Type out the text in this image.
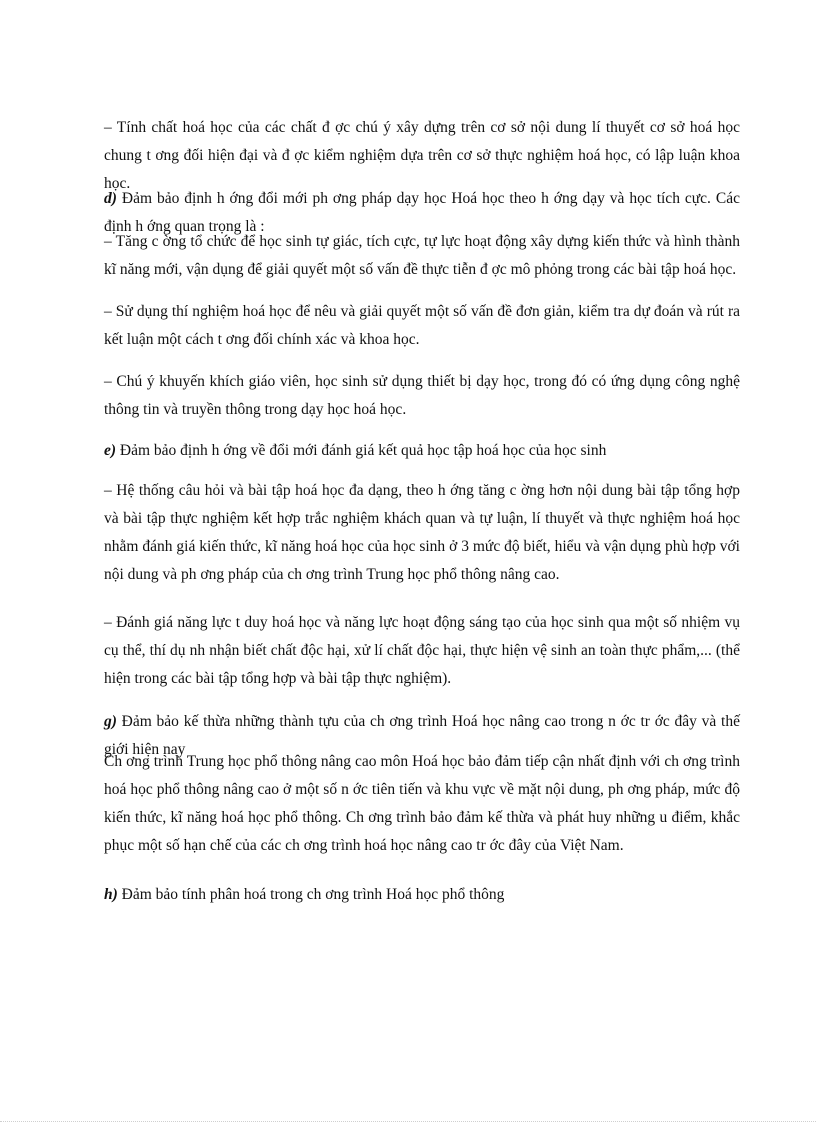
– Tính chất hoá học của các chất đ ợc chú ý xây dựng trên cơ sở nội dung lí thuyết cơ sở hoá học chung t ơng đối hiện đại và đ ợc kiểm nghiệm dựa trên cơ sở thực nghiệm hoá học, có lập luận khoa học.

d) Đảm bảo định h ớng đổi mới ph ơng pháp dạy học Hoá học theo h ớng dạy và học tích cực. Các định h ớng quan trọng là :

– Tăng c ờng tổ chức để học sinh tự giác, tích cực, tự lực hoạt động xây dựng kiến thức và hình thành kĩ năng mới, vận dụng để giải quyết một số vấn đề thực tiễn đ ợc mô phỏng trong các bài tập hoá học.

– Sử dụng thí nghiệm hoá học để nêu và giải quyết một số vấn đề đơn giản, kiểm tra dự đoán và rút ra kết luận một cách t ơng đối chính xác và khoa học.

– Chú ý khuyến khích giáo viên, học sinh sử dụng thiết bị dạy học, trong đó có ứng dụng công nghệ thông tin và truyền thông trong dạy học hoá học.

e) Đảm bảo định h ớng về đổi mới đánh giá kết quả học tập hoá học của học sinh

– Hệ thống câu hỏi và bài tập hoá học đa dạng, theo h ớng tăng c ờng hơn nội dung bài tập tổng hợp và bài tập thực nghiệm kết hợp trắc nghiệm khách quan và tự luận, lí thuyết và thực nghiệm hoá học nhằm đánh giá kiến thức, kĩ năng hoá học của học sinh ở 3 mức độ biết, hiểu và vận dụng phù hợp với nội dung và ph ơng pháp của ch ơng trình Trung học phổ thông nâng cao.

– Đánh giá năng lực t duy hoá học và năng lực hoạt động sáng tạo của học sinh qua một số nhiệm vụ cụ thể, thí dụ nh nhận biết chất độc hại, xử lí chất độc hại, thực hiện vệ sinh an toàn thực phẩm,... (thể hiện trong các bài tập tổng hợp và bài tập thực nghiệm).

g) Đảm bảo kế thừa những thành tựu của ch ơng trình Hoá học nâng cao trong n ớc tr ớc đây và thế giới hiện nay

Ch ơng trình Trung học phổ thông nâng cao môn Hoá học bảo đảm tiếp cận nhất định với ch ơng trình hoá học phổ thông nâng cao ở một số n ớc tiên tiến và khu vực về mặt nội dung, ph ơng pháp, mức độ kiến thức, kĩ năng hoá học phổ thông. Ch ơng trình bảo đảm kế thừa và phát huy những u điểm, khắc phục một số hạn chế của các ch ơng trình hoá học nâng cao tr ớc đây của Việt Nam.

h) Đảm bảo tính phân hoá trong ch ơng trình Hoá học phổ thông
